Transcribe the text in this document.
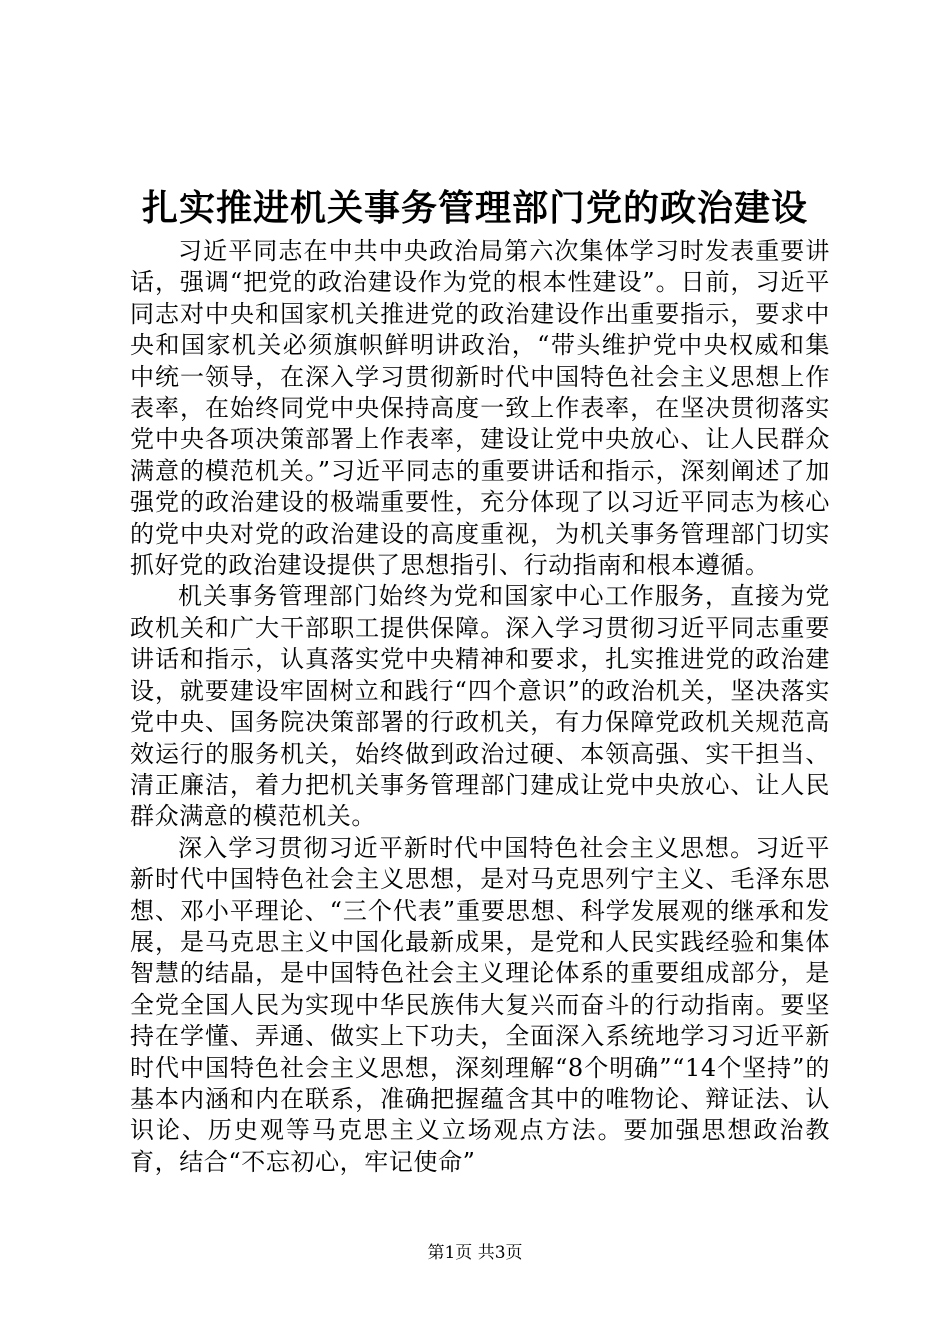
扎实推进机关事务管理部门党的政治建设

习近平同志在中共中央政治局第六次集体学习时发表重要讲话，强调“把党的政治建设作为党的根本性建设”。日前，习近平同志对中央和国家机关推进党的政治建设作出重要指示，要求中央和国家机关必须旗帜鲜明讲政治，“带头维护党中央权威和集中统一领导，在深入学习贯彻新时代中国特色社会主义思想上作表率，在始终同党中央保持高度一致上作表率，在坚决贯彻落实党中央各项决策部署上作表率，建设让党中央放心、让人民群众满意的模范机关。”习近平同志的重要讲话和指示，深刻阐述了加强党的政治建设的极端重要性，充分体现了以习近平同志为核心的党中央对党的政治建设的高度重视，为机关事务管理部门切实抓好党的政治建设提供了思想指引、行动指南和根本遵循。

机关事务管理部门始终为党和国家中心工作服务，直接为党政机关和广大干部职工提供保障。深入学习贯彻习近平同志重要讲话和指示，认真落实党中央精神和要求，扎实推进党的政治建设，就要建设牢固树立和践行“四个意识”的政治机关，坚决落实党中央、国务院决策部署的行政机关，有力保障党政机关规范高效运行的服务机关，始终做到政治过硬、本领高强、实干担当、清正廉洁，着力把机关事务管理部门建成让党中央放心、让人民群众满意的模范机关。

深入学习贯彻习近平新时代中国特色社会主义思想。习近平新时代中国特色社会主义思想，是对马克思列宁主义、毛泽东思想、邓小平理论、“三个代表”重要思想、科学发展观的继承和发展，是马克思主义中国化最新成果，是党和人民实践经验和集体智慧的结晶，是中国特色社会主义理论体系的重要组成部分，是全党全国人民为实现中华民族伟大复兴而奋斗的行动指南。要坚持在学懂、弄通、做实上下功夫，全面深入系统地学习习近平新时代中国特色社会主义思想，深刻理解“8个明确”“14个坚持”的基本内涵和内在联系，准确把握蕴含其中的唯物论、辩证法、认识论、历史观等马克思主义立场观点方法。要加强思想政治教育，结合“不忘初心，牢记使命”

第1页 共3页
